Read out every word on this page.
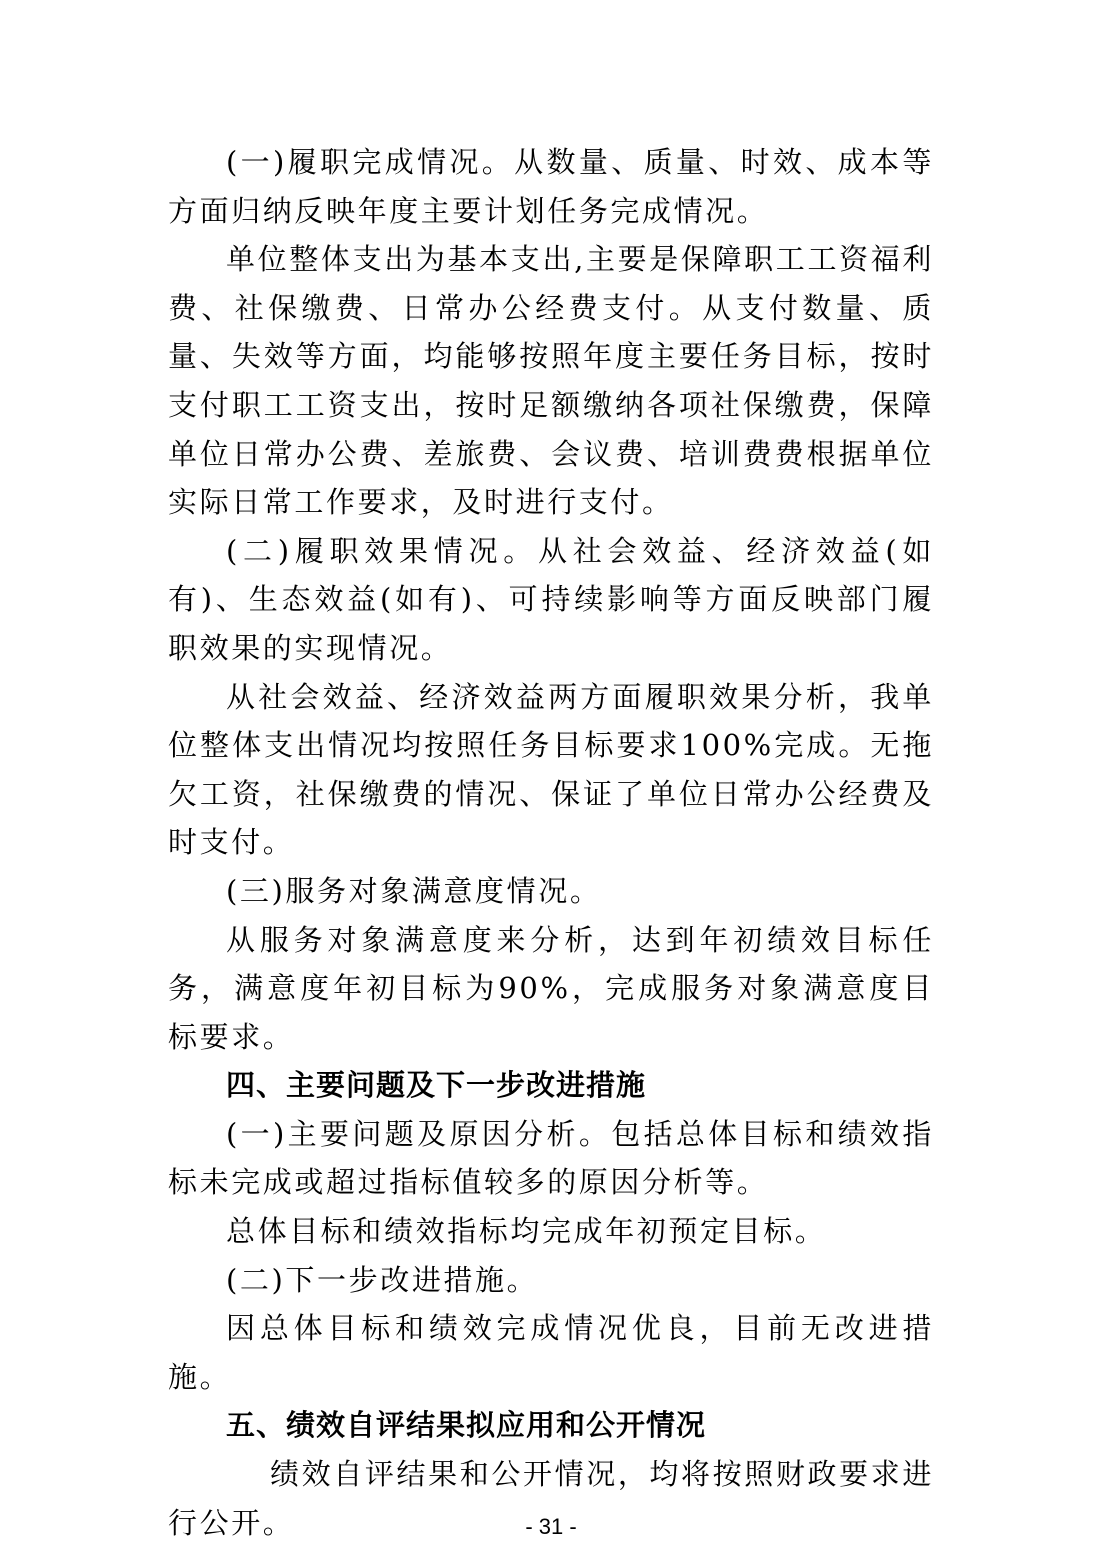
(一)履职完成情况。从数量、质量、时效、成本等方面归纳反映年度主要计划任务完成情况。

单位整体支出为基本支出,主要是保障职工工资福利费、社保缴费、日常办公经费支付。从支付数量、质量、失效等方面，均能够按照年度主要任务目标，按时支付职工工资支出，按时足额缴纳各项社保缴费，保障单位日常办公费、差旅费、会议费、培训费费根据单位实际日常工作要求，及时进行支付。

(二)履职效果情况。从社会效益、经济效益(如有)、生态效益(如有)、可持续影响等方面反映部门履职效果的实现情况。

从社会效益、经济效益两方面履职效果分析，我单位整体支出情况均按照任务目标要求100%完成。无拖欠工资，社保缴费的情况、保证了单位日常办公经费及时支付。

(三)服务对象满意度情况。

从服务对象满意度来分析，达到年初绩效目标任务，满意度年初目标为90%，完成服务对象满意度目标要求。

四、主要问题及下一步改进措施

(一)主要问题及原因分析。包括总体目标和绩效指标未完成或超过指标值较多的原因分析等。

总体目标和绩效指标均完成年初预定目标。

(二)下一步改进措施。

因总体目标和绩效完成情况优良，目前无改进措施。

五、绩效自评结果拟应用和公开情况

绩效自评结果和公开情况，均将按照财政要求进行公开。	- 31 -
